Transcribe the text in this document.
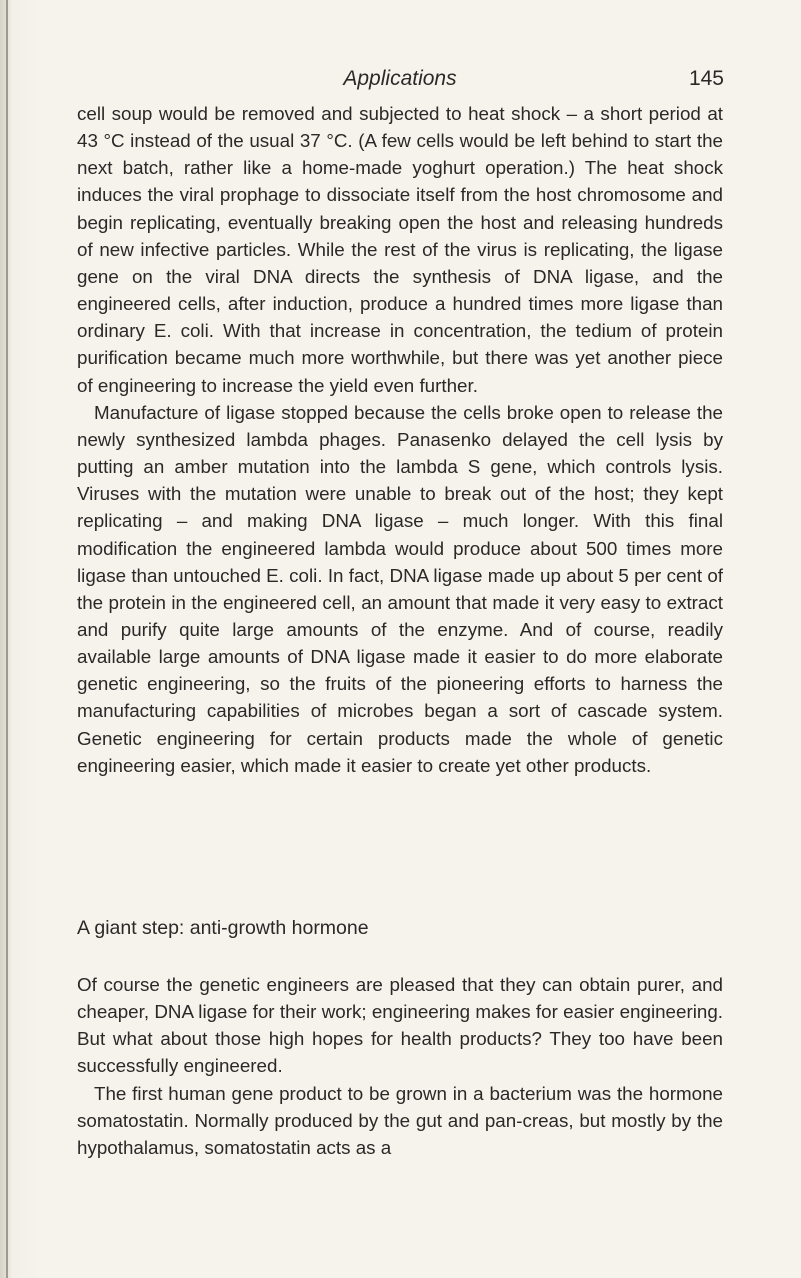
Applications	145

cell soup would be removed and subjected to heat shock – a short period at 43 °C instead of the usual 37 °C. (A few cells would be left behind to start the next batch, rather like a home-made yoghurt operation.) The heat shock induces the viral prophage to dissociate itself from the host chromosome and begin replicating, eventually breaking open the host and releasing hundreds of new infective particles. While the rest of the virus is replicating, the ligase gene on the viral DNA directs the synthesis of DNA ligase, and the engineered cells, after induction, produce a hundred times more ligase than ordinary E. coli. With that increase in concentration, the tedium of protein purification became much more worthwhile, but there was yet another piece of engineering to increase the yield even further.

Manufacture of ligase stopped because the cells broke open to release the newly synthesized lambda phages. Panasenko delayed the cell lysis by putting an amber mutation into the lambda S gene, which controls lysis. Viruses with the mutation were unable to break out of the host; they kept replicating – and making DNA ligase – much longer. With this final modification the engineered lambda would produce about 500 times more ligase than untouched E. coli. In fact, DNA ligase made up about 5 per cent of the protein in the engineered cell, an amount that made it very easy to extract and purify quite large amounts of the enzyme. And of course, readily available large amounts of DNA ligase made it easier to do more elaborate genetic engineering, so the fruits of the pioneering efforts to harness the manufacturing capabilities of microbes began a sort of cascade system. Genetic engineering for certain products made the whole of genetic engineering easier, which made it easier to create yet other products.

A giant step: anti-growth hormone

Of course the genetic engineers are pleased that they can obtain purer, and cheaper, DNA ligase for their work; engineering makes for easier engineering. But what about those high hopes for health products? They too have been successfully engineered.

The first human gene product to be grown in a bacterium was the hormone somatostatin. Normally produced by the gut and pan-creas, but mostly by the hypothalamus, somatostatin acts as a
